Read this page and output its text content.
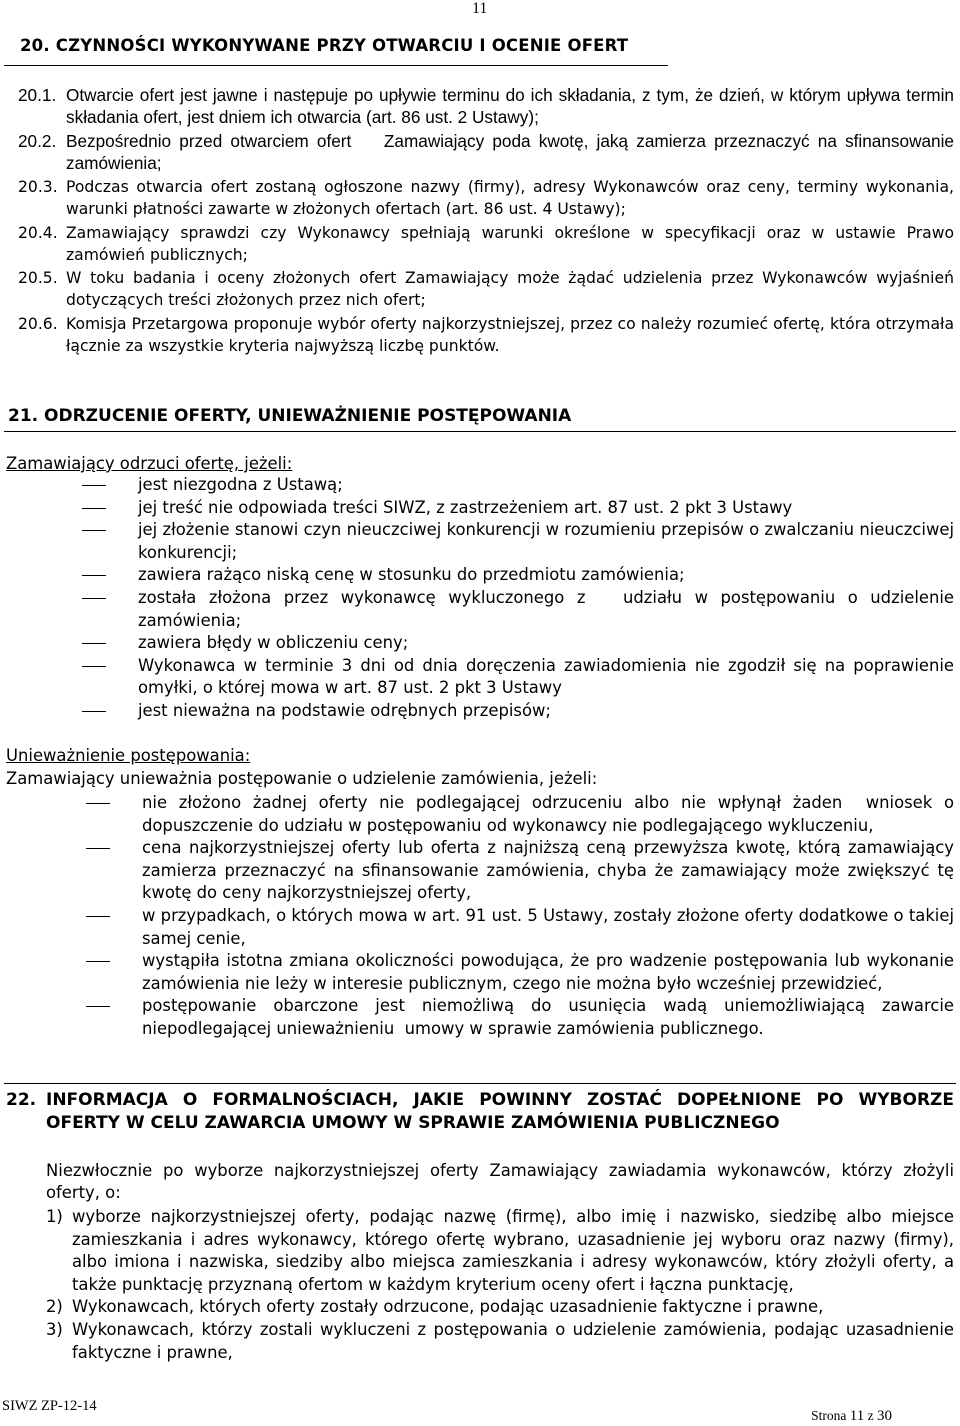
11
20. CZYNNOŚCI WYKONYWANE PRZY OTWARCIU I OCENIE OFERT
20.1. Otwarcie ofert jest jawne i następuje po upływie terminu do ich składania, z tym, że dzień, w którym upływa termin składania ofert, jest dniem ich otwarcia (art. 86 ust. 2 Ustawy);
20.2. Bezpośrednio przed otwarciem ofert    Zamawiający poda kwotę, jaką zamierza przeznaczyć na sfinansowanie zamówienia;
20.3. Podczas otwarcia ofert zostaną ogłoszone nazwy (firmy), adresy Wykonawców oraz ceny, terminy wykonania, warunki płatności zawarte w złożonych ofertach (art. 86 ust. 4 Ustawy);
20.4. Zamawiający sprawdzi czy Wykonawcy spełniają warunki określone w specyfikacji oraz w ustawie Prawo zamówień publicznych;
20.5. W toku badania i oceny złożonych ofert Zamawiający może żądać udzielenia przez Wykonawców wyjaśnień dotyczących treści złożonych przez nich ofert;
20.6. Komisja Przetargowa proponuje wybór oferty najkorzystniejszej, przez co należy rozumieć ofertę, która otrzymała łącznie za wszystkie kryteria najwyższą liczbę punktów.
21. ODRZUCENIE OFERTY, UNIEWAŻNIENIE POSTĘPOWANIA
Zamawiający odrzuci ofertę, jeżeli:
jest niezgodna z Ustawą;
jej treść nie odpowiada treści SIWZ, z zastrzeżeniem art. 87 ust. 2 pkt 3 Ustawy
jej złożenie stanowi czyn nieuczciwej konkurencji w rozumieniu przepisów o zwalczaniu nieuczciwej konkurencji;
zawiera rażąco niską cenę w stosunku do przedmiotu zamówienia;
została złożona przez wykonawcę wykluczonego z   udziału w postępowaniu o udzielenie zamówienia;
zawiera błędy w obliczeniu ceny;
Wykonawca w terminie 3 dni od dnia doręczenia zawiadomienia nie zgodził się na poprawienie omyłki, o której mowa w art. 87 ust. 2 pkt 3 Ustawy
jest nieważna na podstawie odrębnych przepisów;
Unieważnienie postępowania:
Zamawiający unieważnia postępowanie o udzielenie zamówienia, jeżeli:
nie złożono żadnej oferty nie podlegającej odrzuceniu albo nie wpłynął żaden  wniosek o dopuszczenie do udziału w postępowaniu od wykonawcy nie podlegającego wykluczeniu,
cena najkorzystniejszej oferty lub oferta z najniższą ceną przewyższa kwotę, którą zamawiający zamierza przeznaczyć na sfinansowanie zamówienia, chyba że zamawiający może zwiększyć tę kwotę do ceny najkorzystniejszej oferty,
w przypadkach, o których mowa w art. 91 ust. 5 Ustawy, zostały złożone oferty dodatkowe o takiej samej cenie,
wystąpiła istotna zmiana okoliczności powodująca, że pro wadzenie postępowania lub wykonanie zamówienia nie leży w interesie publicznym, czego nie można było wcześniej przewidzieć,
postępowanie obarczone jest niemożliwą do usunięcia wadą uniemożliwiającą zawarcie niepodlegającej unieważnieniu  umowy w sprawie zamówienia publicznego.
22. INFORMACJA O FORMALNOŚCIACH, JAKIE POWINNY ZOSTAĆ DOPEŁNIONE PO WYBORZE
OFERTY W CELU ZAWARCIA UMOWY W SPRAWIE ZAMÓWIENIA PUBLICZNEGO
Niezwłocznie po wyborze najkorzystniejszej oferty Zamawiający zawiadamia wykonawców, którzy złożyli oferty, o:
1) wyborze najkorzystniejszej oferty, podając nazwę (firmę), albo imię i nazwisko, siedzibę albo miejsce zamieszkania i adres wykonawcy, którego ofertę wybrano, uzasadnienie jej wyboru oraz nazwy (firmy), albo imiona i nazwiska, siedziby albo miejsca zamieszkania i adresy wykonawców, który złożyli oferty, a także punktację przyznaną ofertom w każdym kryterium oceny ofert i łączna punktację,
2) Wykonawcach, których oferty zostały odrzucone, podając uzasadnienie faktyczne i prawne,
3) Wykonawcach, którzy zostali wykluczeni z postępowania o udzielenie zamówienia, podając uzasadnienie faktyczne i prawne,
SIWZ ZP-12-14
Strona 11 z 30
